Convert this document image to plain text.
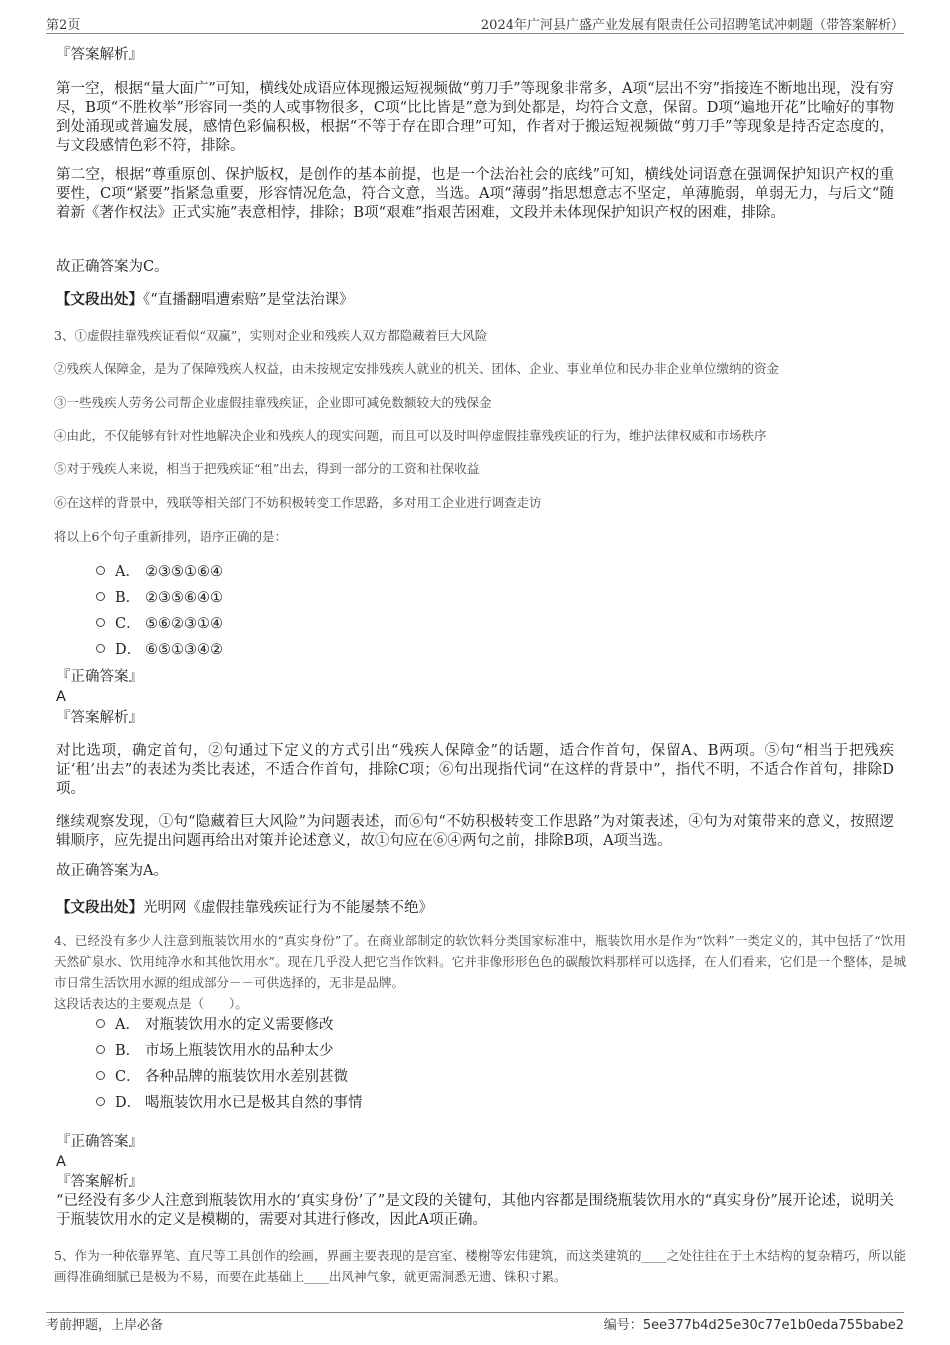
第2页	2024年广河县广盛产业发展有限责任公司招聘笔试冲刺题（带答案解析）
『答案解析』
第一空，根据“量大面广”可知，横线处成语应体现搬运短视频做“剪刀手”等现象非常多，A项“层出不穷”指接连不断地出现，没有穷尽，B项“不胜枚举”形容同一类的人或事物很多，C项“比比皆是”意为到处都是，均符合文意，保留。D项“遍地开花”比喻好的事物到处涌现或普遍发展，感情色彩偏积极，根据“不等于存在即合理”可知，作者对于搬运短视频做“剪刀手”等现象是持否定态度的，与文段感情色彩不符，排除。
第二空，根据“尊重原创、保护版权，是创作的基本前提，也是一个法治社会的底线”可知，横线处词语意在强调保护知识产权的重要性，C项“紧要”指紧急重要，形容情况危急，符合文意，当选。A项“薄弱”指思想意志不坚定，单薄脆弱，单弱无力，与后文“随着新《著作权法》正式实施”表意相悖，排除；B项“艰难”指艰苦困难，文段并未体现保护知识产权的困难，排除。
故正确答案为C。
【文段出处】《“直播翻唱遭索赔”是堂法治课》
3、①虚假挂靠残疾证看似“双赢”，实则对企业和残疾人双方都隐藏着巨大风险
②残疾人保障金，是为了保障残疾人权益，由未按规定安排残疾人就业的机关、团体、企业、事业单位和民办非企业单位缴纳的资金
③一些残疾人劳务公司帮企业虚假挂靠残疾证，企业即可减免数额较大的残保金
④由此，不仅能够有针对性地解决企业和残疾人的现实问题，而且可以及时叫停虚假挂靠残疾证的行为，维护法律权威和市场秩序
⑤对于残疾人来说，相当于把残疾证“租”出去，得到一部分的工资和社保收益
⑥在这样的背景中，残联等相关部门不妨积极转变工作思路，多对用工企业进行调查走访
将以上6个句子重新排列，语序正确的是：
A． ②③⑤①⑥④
B． ②③⑤⑥④①
C． ⑤⑥②③①④
D． ⑥⑤①③④②
『正确答案』
A
『答案解析』
对比选项，确定首句，②句通过下定义的方式引出“残疾人保障金”的话题，适合作首句，保留A、B两项。⑤句“相当于把残疾证‘租’出去”的表述为类比表述，不适合作首句，排除C项；⑥句出现指代词“在这样的背景中”，指代不明，不适合作首句，排除D项。
继续观察发现，①句“隐藏着巨大风险”为问题表述，而⑥句“不妨积极转变工作思路”为对策表述，④句为对策带来的意义，按照逻辑顺序，应先提出问题再给出对策并论述意义，故①句应在⑥④两句之前，排除B项，A项当选。
故正确答案为A。
【文段出处】光明网《虚假挂靠残疾证行为不能屡禁不绝》
4、已经没有多少人注意到瓶装饮用水的“真实身份”了。在商业部制定的软饮料分类国家标准中，瓶装饮用水是作为“饮料”一类定义的，其中包括了“饮用天然矿泉水、饮用纯净水和其他饮用水”。现在几乎没人把它当作饮料。它并非像形形色色的碳酸饮料那样可以选择，在人们看来，它们是一个整体，是城市日常生活饮用水源的组成部分－－可供选择的，无非是品牌。
这段话表达的主要观点是（　　）。
A． 对瓶装饮用水的定义需要修改
B． 市场上瓶装饮用水的品种太少
C． 各种品牌的瓶装饮用水差别甚微
D． 喝瓶装饮用水已是极其自然的事情
『正确答案』
A
『答案解析』
“已经没有多少人注意到瓶装饮用水的‘真实身份’了”是文段的关键句，其他内容都是围绕瓶装饮用水的“真实身份”展开论述，说明关于瓶装饮用水的定义是模糊的，需要对其进行修改，因此A项正确。
5、作为一种依靠界笔、直尺等工具创作的绘画，界画主要表现的是宫室、楼榭等宏伟建筑，而这类建筑的____之处往往在于土木结构的复杂精巧，所以能画得准确细腻已是极为不易，而要在此基础上____出风神气象，就更需洞悉无遗、铢积寸累。
考前押题，上岸必备	编号：5ee377b4d25e30c77e1b0eda755babe2
